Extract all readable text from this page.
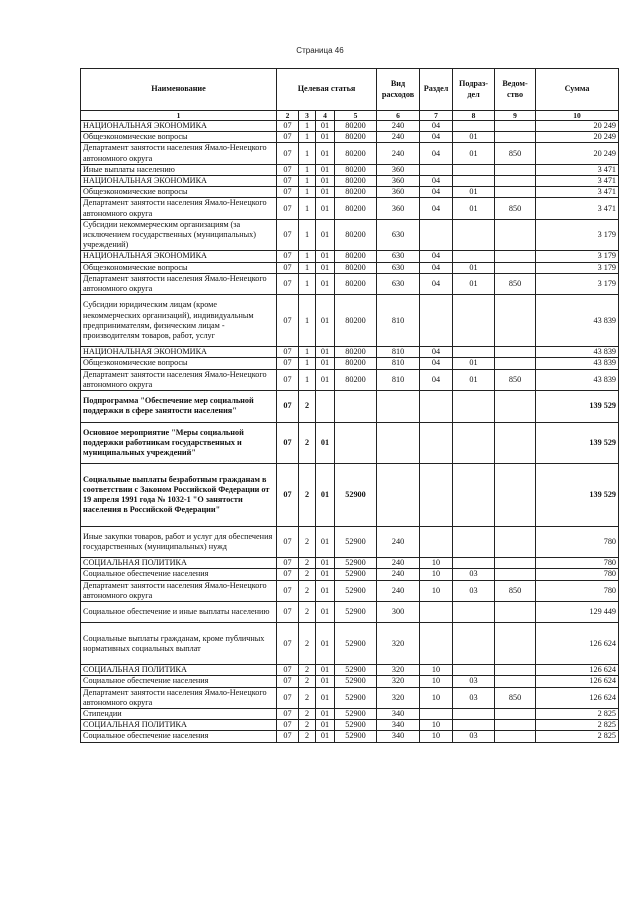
Страница 46
Наименование	Целевая статья				Вид расходов	Раздел	Подраз-дел	Ведом-ство	Сумма
1	2	3	4	5	6	7	8	9	10
НАЦИОНАЛЬНАЯ ЭКОНОМИКА	07	1	01	80200	240	04			20 249
Общеэкономические вопросы	07	1	01	80200	240	04	01		20 249
Департамент занятости населения Ямало-Ненецкого автономного округа	07	1	01	80200	240	04	01	850	20 249
Иные выплаты населению	07	1	01	80200	360				3 471
НАЦИОНАЛЬНАЯ ЭКОНОМИКА	07	1	01	80200	360	04			3 471
Общеэкономические вопросы	07	1	01	80200	360	04	01		3 471
Департамент занятости населения Ямало-Ненецкого автономного округа	07	1	01	80200	360	04	01	850	3 471
Субсидии некоммерческим организациям (за исключением государственных (муниципальных) учреждений)	07	1	01	80200	630				3 179
НАЦИОНАЛЬНАЯ ЭКОНОМИКА	07	1	01	80200	630	04			3 179
Общеэкономические вопросы	07	1	01	80200	630	04	01		3 179
Департамент занятости населения Ямало-Ненецкого автономного округа	07	1	01	80200	630	04	01	850	3 179
Субсидии юридическим лицам (кроме некоммерческих организаций), индивидуальным предпринимателям, физическим лицам - производителям товаров, работ, услуг	07	1	01	80200	810				43 839
НАЦИОНАЛЬНАЯ ЭКОНОМИКА	07	1	01	80200	810	04			43 839
Общеэкономические вопросы	07	1	01	80200	810	04	01		43 839
Департамент занятости населения Ямало-Ненецкого автономного округа	07	1	01	80200	810	04	01	850	43 839
Подпрограмма "Обеспечение мер социальной поддержки в сфере занятости населения"	07	2							139 529
Основное мероприятие "Меры социальной поддержки работникам государственных и муниципальных учреждений"	07	2	01						139 529
Социальные выплаты безработным гражданам в соответствии с Законом Российской Федерации от 19 апреля 1991 года № 1032-1 "О занятости населения в Российской Федерации"	07	2	01	52900					139 529
Иные закупки товаров, работ и услуг для обеспечения государственных (муниципальных) нужд	07	2	01	52900	240				780
СОЦИАЛЬНАЯ ПОЛИТИКА	07	2	01	52900	240	10			780
Социальное обеспечение населения	07	2	01	52900	240	10	03		780
Департамент занятости населения Ямало-Ненецкого автономного округа	07	2	01	52900	240	10	03	850	780
Социальное обеспечение и иные выплаты населению	07	2	01	52900	300				129 449
Социальные выплаты гражданам, кроме публичных нормативных социальных выплат	07	2	01	52900	320				126 624
СОЦИАЛЬНАЯ ПОЛИТИКА	07	2	01	52900	320	10			126 624
Социальное обеспечение населения	07	2	01	52900	320	10	03		126 624
Департамент занятости населения Ямало-Ненецкого автономного округа	07	2	01	52900	320	10	03	850	126 624
Стипендии	07	2	01	52900	340				2 825
СОЦИАЛЬНАЯ ПОЛИТИКА	07	2	01	52900	340	10			2 825
Социальное обеспечение населения	07	2	01	52900	340	10	03		2 825
